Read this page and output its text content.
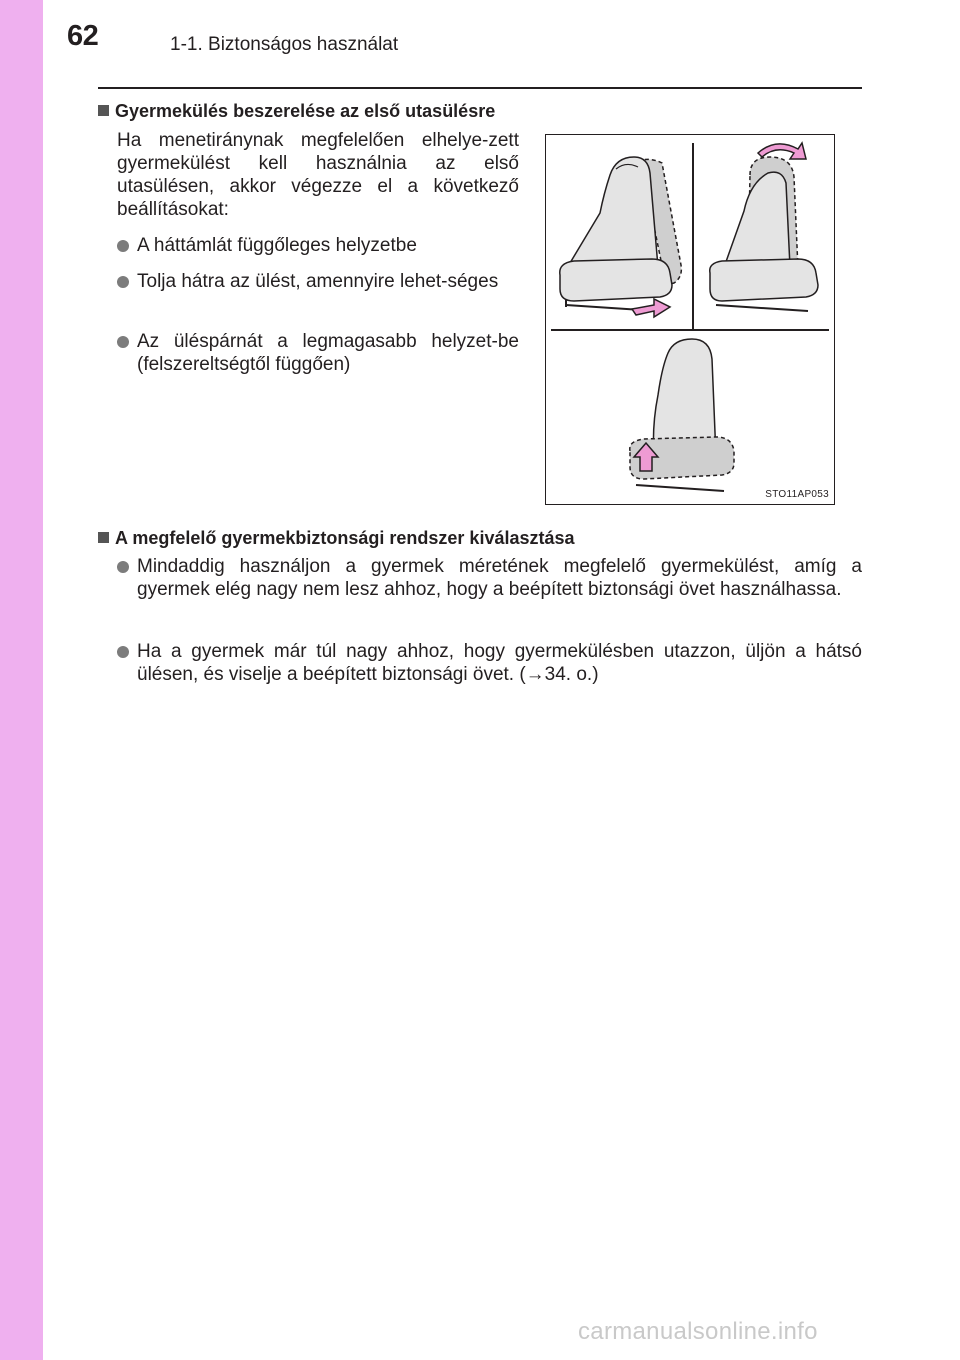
62	1-1. Biztonságos használat
Gyermekülés beszerelése az első utasülésre
Ha menetiránynak megfelelően elhelye-zett gyermekülést kell használnia az első utasülésen, akkor végezze el a következő beállításokat:
A háttámlát függőleges helyzetbe
Tolja hátra az ülést, amennyire lehet-séges
Az üléspárnát a legmagasabb helyzet-be (felszereltségtől függően)
STO11AP053
A megfelelő gyermekbiztonsági rendszer kiválasztása
Mindaddig használjon a gyermek méretének megfelelő gyermekülést, amíg a gyermek elég nagy nem lesz ahhoz, hogy a beépített biztonsági övet használhassa.
Ha a gyermek már túl nagy ahhoz, hogy gyermekülésben utazzon, üljön a hátsó ülésen, és viselje a beépített biztonsági övet. (→34. o.)
carmanualsonline.info
